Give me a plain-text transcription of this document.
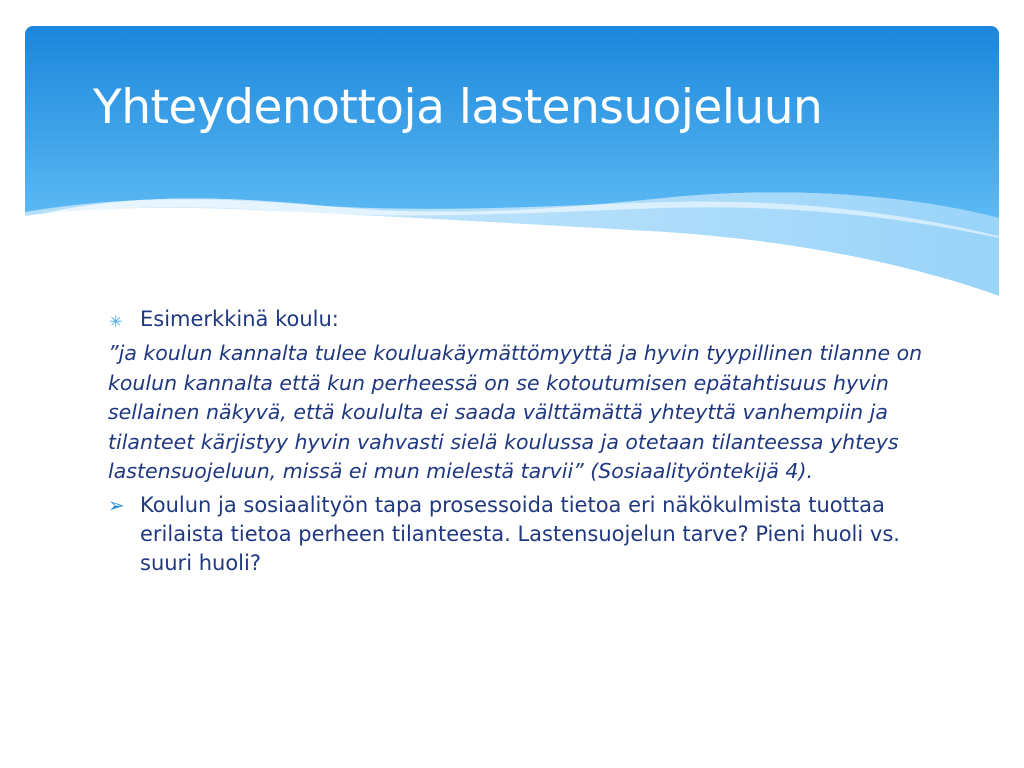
Yhteydenottoja lastensuojeluun
✳ Esimerkkinä koulu:

”ja koulun kannalta tulee kouluakäymättömyyttä ja hyvin tyypillinen tilanne on koulun kannalta että kun perheessä on se kotoutumisen epätahtisuus hyvin sellainen näkyvä, että koululta ei saada välttämättä yhteyttä vanhempiin ja tilanteet kärjistyy hyvin vahvasti sielä koulussa ja otetaan tilanteessa yhteys lastensuojeluun, missä ei mun mielestä tarvii” (Sosiaalityöntekijä 4).

➢ Koulun ja sosiaalityön tapa prosessoida tietoa eri näkökulmista tuottaa erilaista tietoa perheen tilanteesta. Lastensuojelun tarve? Pieni huoli vs. suuri huoli?
